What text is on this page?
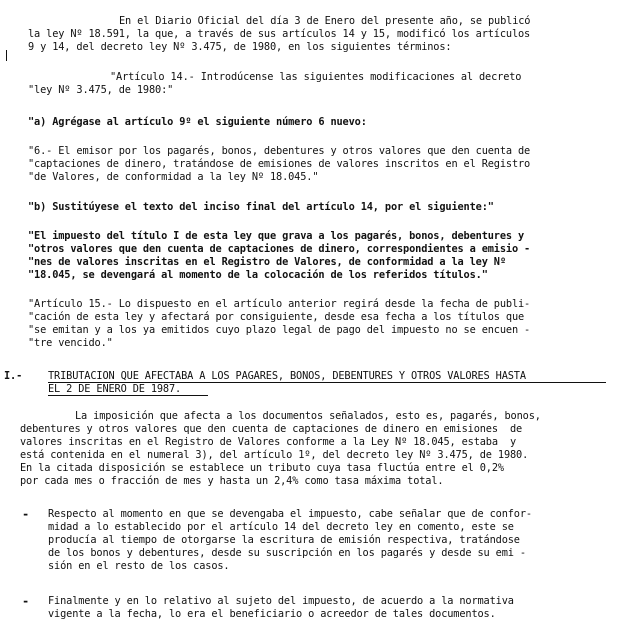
En el Diario Oficial del día 3 de Enero del presente año, se publicó
la ley Nº 18.591, la que, a través de sus artículos 14 y 15, modificó los artículos
9 y 14, del decreto ley Nº 3.475, de 1980, en los siguientes términos:
"Artículo 14.- Introdúcense las siguientes modificaciones al decreto
"ley Nº 3.475, de 1980:"
"a) Agrégase al artículo 9º el siguiente número 6 nuevo:
"6.- El emisor por los pagarés, bonos, debentures y otros valores que den cuenta de
"captaciones de dinero, tratándose de emisiones de valores inscritos en el Registro
"de Valores, de conformidad a la ley Nº 18.045."
"b) Sustitúyese el texto del inciso final del artículo 14, por el siguiente:"
"El impuesto del título I de esta ley que grava a los pagarés, bonos, debentures y
"otros valores que den cuenta de captaciones de dinero, correspondientes a emisio -
"nes de valores inscritas en el Registro de Valores, de conformidad a la ley Nº
"18.045, se devengará al momento de la colocación de los referidos títulos."
"Artículo 15.- Lo dispuesto en el artículo anterior regirá desde la fecha de publi-
"cación de esta ley y afectará por consiguiente, desde esa fecha a los títulos que
"se emitan y a los ya emitidos cuyo plazo legal de pago del impuesto no se encuen -
"tre vencido."
I.-	TRIBUTACION QUE AFECTABA A LOS PAGARES, BONOS, DEBENTURES Y OTROS VALORES HASTA
EL 2 DE ENERO DE 1987.
La imposición que afecta a los documentos señalados, esto es, pagarés, bonos,
debentures y otros valores que den cuenta de captaciones de dinero en emisiones  de
valores inscritas en el Registro de Valores conforme a la Ley Nº 18.045, estaba  y
está contenida en el numeral 3), del artículo 1º, del decreto ley Nº 3.475, de 1980.
En la citada disposición se establece un tributo cuya tasa fluctúa entre el 0,2%
por cada mes o fracción de mes y hasta un 2,4% como tasa máxima total.
- Respecto al momento en que se devengaba el impuesto, cabe señalar que de confor-
midad a lo establecido por el artículo 14 del decreto ley en comento, este se
producía al tiempo de otorgarse la escritura de emisión respectiva, tratándose
de los bonos y debentures, desde su suscripción en los pagarés y desde su emi -
sión en el resto de los casos.
- Finalmente y en lo relativo al sujeto del impuesto, de acuerdo a la normativa
vigente a la fecha, lo era el beneficiario o acreedor de tales documentos.
